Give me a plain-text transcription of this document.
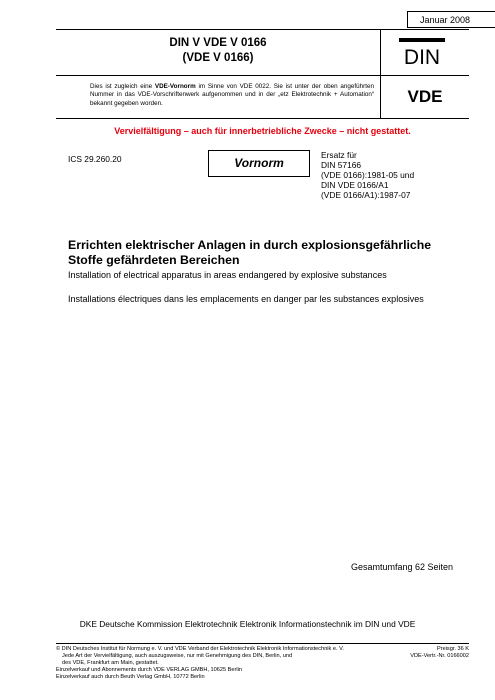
Januar 2008
DIN V VDE V 0166
(VDE V 0166)	DIN
VDE
Dies ist zugleich eine VDE-Vornorm im Sinne von VDE 0022. Sie ist unter der oben angeführten Nummer in das VDE-Vorschriftenwerk aufgenommen und in der „etz Elektrotechnik + Automation“ bekannt gegeben worden.
Vervielfältigung – auch für innerbetriebliche Zwecke – nicht gestattet.
ICS 29.260.20	Vornorm
Ersatz für
DIN 57166
(VDE 0166):1981-05 und
DIN VDE 0166/A1
(VDE 0166/A1):1987-07
Errichten elektrischer Anlagen in durch explosionsgefährliche Stoffe gefährdeten Bereichen
Installation of electrical apparatus in areas endangered by explosive substances
Installations électriques dans les emplacements en danger par les substances explosives
Gesamtumfang 62 Seiten
DKE Deutsche Kommission Elektrotechnik Elektronik Informationstechnik im DIN und VDE
© DIN Deutsches Institut für Normung e. V. und VDE Verband der Elektrotechnik Elektronik Informationstechnik e. V.
Jede Art der Vervielfältigung, auch auszugsweise, nur mit Genehmigung des DIN, Berlin, und
des VDE, Frankfurt am Main, gestattet.
Einzelverkauf und Abonnements durch VDE VERLAG GMBH, 10625 Berlin
Einzelverkauf auch durch Beuth Verlag GmbH, 10772 Berlin
Preisgr. 36 K
VDE-Vertr.-Nr. 0166002
